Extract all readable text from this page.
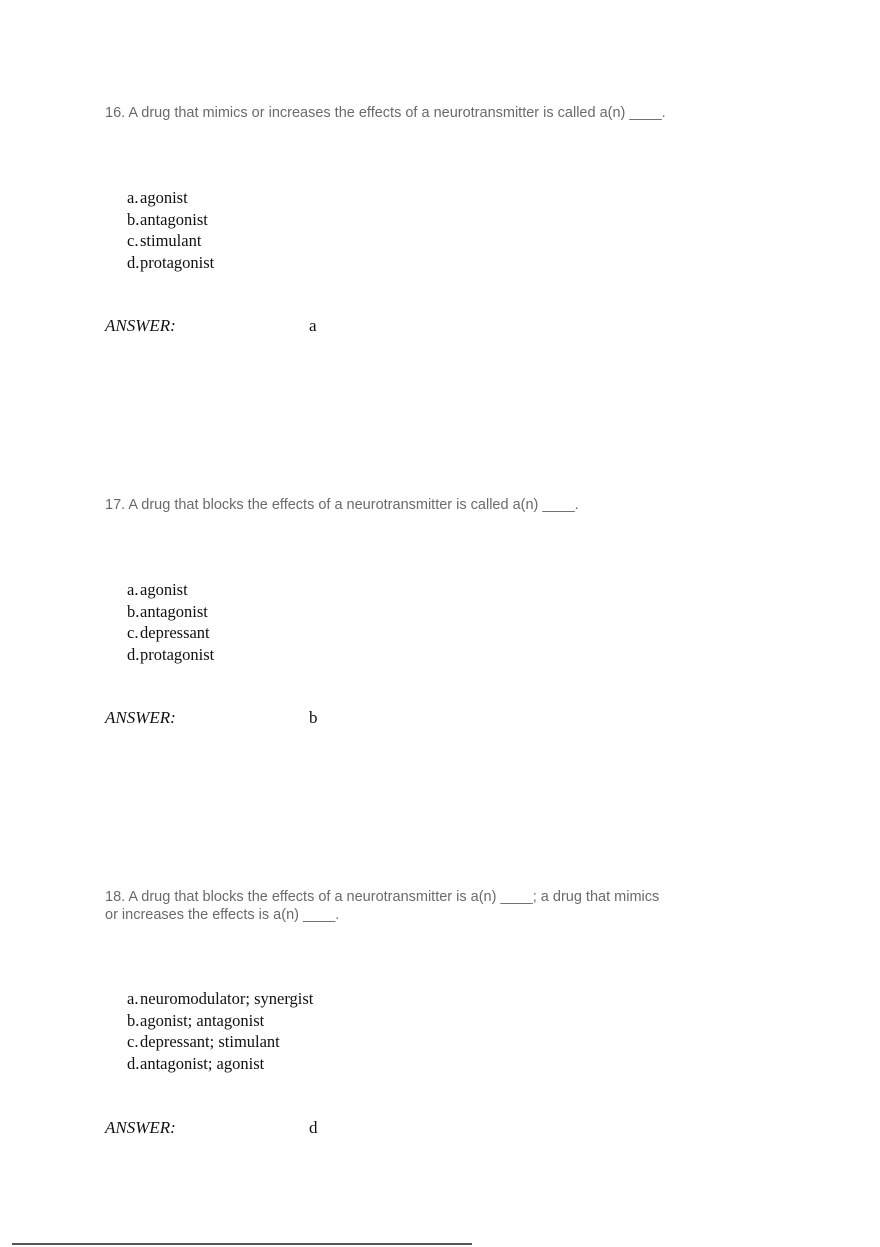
16. A drug that mimics or increases the effects of a neurotransmitter is called a(n) ____.
a.agonist
b.antagonist
c.stimulant
d.protagonist
ANSWER:	a
17. A drug that blocks the effects of a neurotransmitter is called a(n) ____.
a.agonist
b.antagonist
c.depressant
d.protagonist
ANSWER:	b
18. A drug that blocks the effects of a neurotransmitter is a(n) ____; a drug that mimics
or increases the effects is a(n) ____.
a.neuromodulator; synergist
b.agonist; antagonist
c.depressant; stimulant
d.antagonist; agonist
ANSWER:	d
